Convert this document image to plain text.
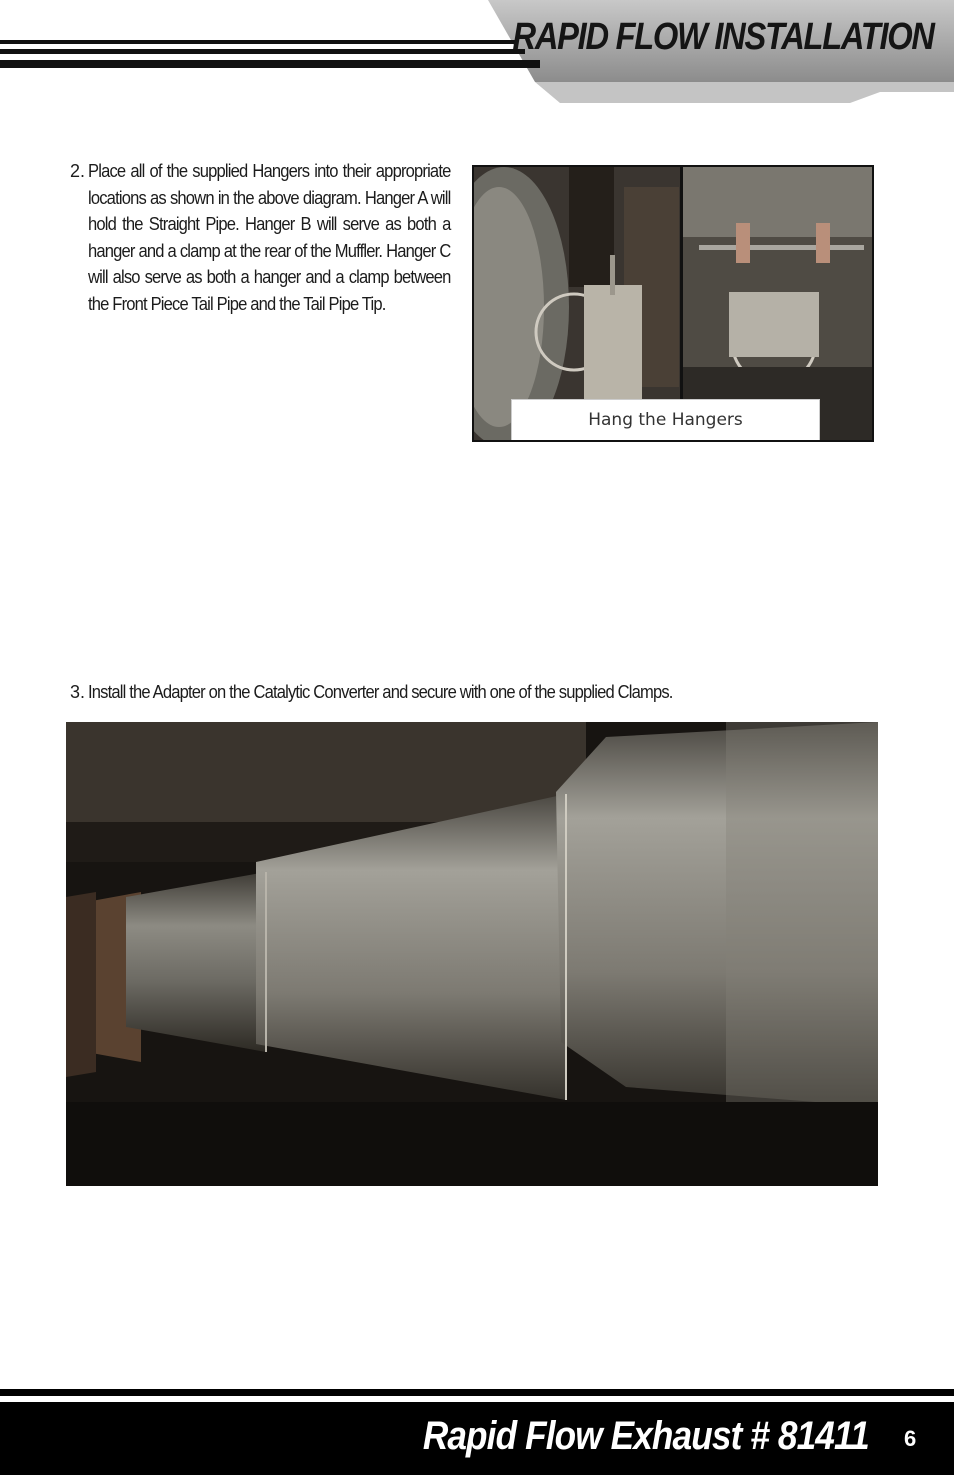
RAPID FLOW INSTALLATION
2. Place all of the supplied Hangers into their appropriate locations as shown in the above diagram. Hanger A will hold the Straight Pipe. Hanger B will serve as both a hanger and a clamp at the rear of the Muffler. Hanger C will also serve as both a hanger and a clamp between the Front Piece Tail Pipe and the Tail Pipe Tip.
Hang the Hangers
3. Install the Adapter on the Catalytic Converter and secure with one of the supplied Clamps.
Rapid Flow Exhaust # 81411 6
